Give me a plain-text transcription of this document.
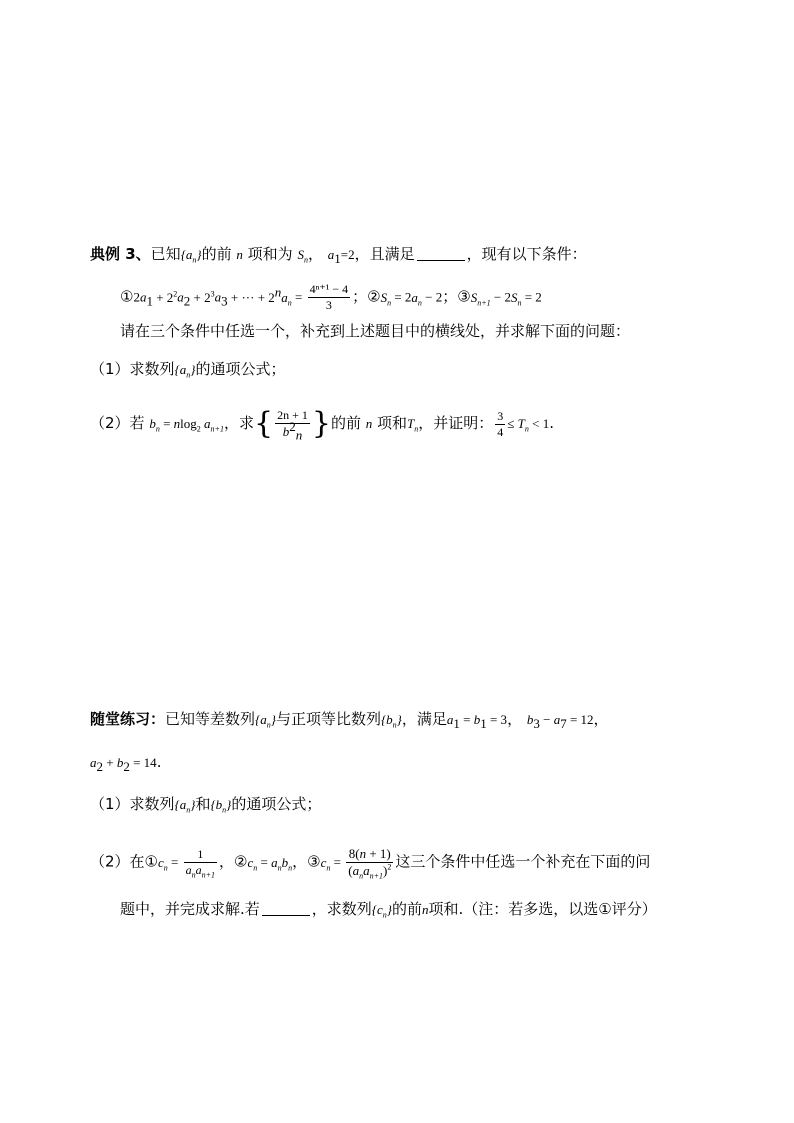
典例 3、已知$\{a_n\}$的前 n 项和为 $S_n$， $a_1=2$，且满足	，现有以下条件：
$①2a_1 + 2^2a_2 + 2^3a_3$ + ··· + $2^na_n = \frac{\text{4ⁿ⁺¹ − 4}}{3}$ ；$②S_n = 2a_n - 2$；$③S_{n+1} - 2S_n = 2$
请在三个条件中任选一个，补充到上述题目中的横线处，并求解下面的问题：
（1）求数列$\{a_n\}$的通项公式；
（2）若 $b_n = nlog_2$ $a_{n+1}$，求{ $\frac{2n + 1}{b^2_n}$ }的前 n 项和$T_n$，并证明： $\frac{3}{4} \le T_n < 1$.
随堂练习：已知等差数列$\{a_n\}$与正项等比数列$\{b_n\}$，满足$a_1 = b_1 = 3$， $b_3 - a_7 = 12$，
$a_2 + b_2 = 14$.
（1）求数列$\{a_n\}$和$\{b_n\}$的通项公式；
（2）在$①c_n = \frac{1}{a_na_{n+1}}$ ，$②c_n = a_nb_n$，$③c_n = \frac{8(n + 1)}{(a_na_{n+1})^2}$ 这三个条件中任选一个补充在下面的问
题中，并完成求解.若	，求数列$\{c_n\}$的前n项和.（注：若多选，以选①评分）
